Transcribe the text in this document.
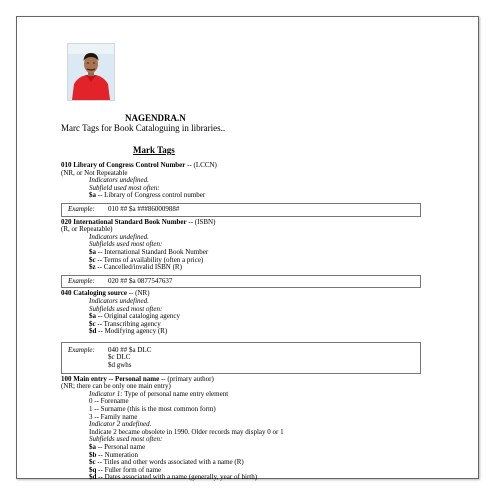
NAGENDRA.N
Marc Tags for Book Cataloguing in libraries..
Mark Tags

010 Library of Congress Control Number -- (LCCN)

(NR, or Not Repeatable

Indicators undefined.

Subfield used most often:

$a -- Library of Congress control number

Example: 010 ## $a ###86000988#

020 International Standard Book Number -- (ISBN)

(R, or Repeatable)

Indicators undefined.

Subfields used most often:

$a -- International Standard Book Number

$c -- Terms of availability (often a price)

$z -- Cancelled/invalid ISBN (R)

Example: 020 ## $a 0877547637

040 Cataloging source -- (NR)

Indicators undefined.

Subfields used most often:

$a -- Original cataloging agency

$c -- Transcribing agency

$d -- Modifying agency (R)

Example: 040 ## $a DLC
$c DLC
$d gwhs

100 Main entry -- Personal name -- (primary author)

(NR; there can be only one main entry)

Indicator 1: Type of personal name entry element

0 -- Forename

1 -- Surname (this is the most common form)

3 -- Family name

Indicator 2 undefined.

Indicate 2 became obsolete in 1990. Older records may display 0 or 1

Subfields used most often:

$a -- Personal name

$b -- Numeration

$c -- Titles and other words associated with a name (R)

$q -- Fuller form of name

$d -- Dates associated with a name (generally, year of birth)
